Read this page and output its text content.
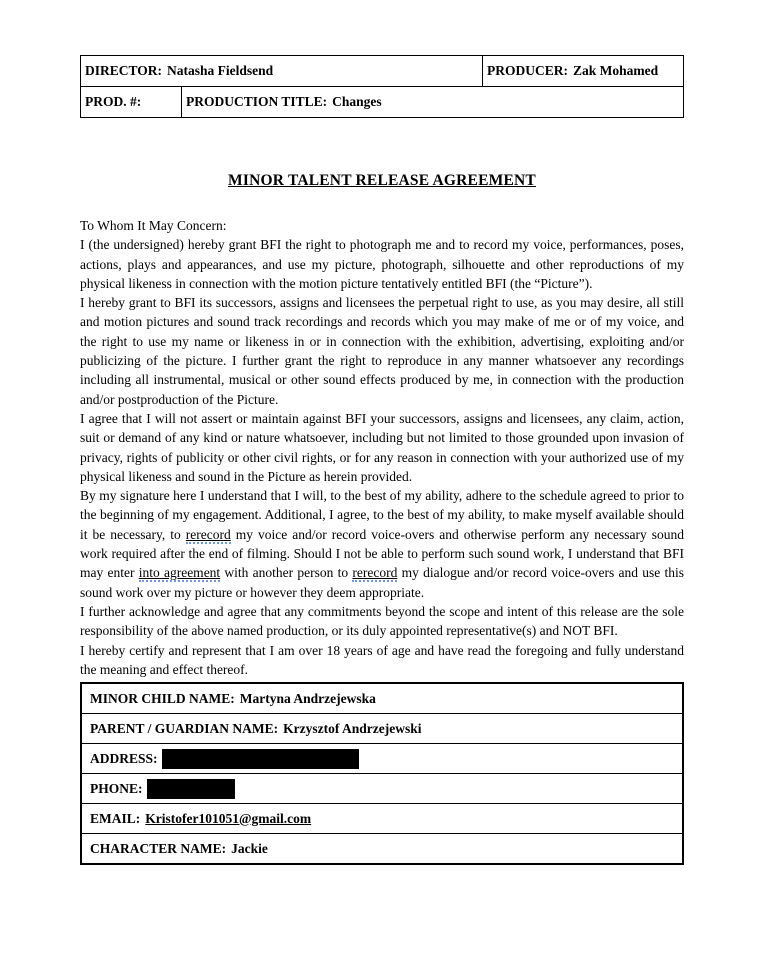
DIRECTOR: Natasha Fieldsend	PRODUCER: Zak Mohamed
PROD. #:	PRODUCTION TITLE: Changes
MINOR TALENT RELEASE AGREEMENT

To Whom It May Concern:

I (the undersigned) hereby grant BFI the right to photograph me and to record my voice, performances, poses, actions, plays and appearances, and use my picture, photograph, silhouette and other reproductions of my physical likeness in connection with the motion picture tentatively entitled BFI (the “Picture”).

I hereby grant to BFI its successors, assigns and licensees the perpetual right to use, as you may desire, all still and motion pictures and sound track recordings and records which you may make of me or of my voice, and the right to use my name or likeness in or in connection with the exhibition, advertising, exploiting and/or publicizing of the picture. I further grant the right to reproduce in any manner whatsoever any recordings including all instrumental, musical or other sound effects produced by me, in connection with the production and/or postproduction of the Picture.

I agree that I will not assert or maintain against BFI your successors, assigns and licensees, any claim, action, suit or demand of any kind or nature whatsoever, including but not limited to those grounded upon invasion of privacy, rights of publicity or other civil rights, or for any reason in connection with your authorized use of my physical likeness and sound in the Picture as herein provided.

By my signature here I understand that I will, to the best of my ability, adhere to the schedule agreed to prior to the beginning of my engagement. Additional, I agree, to the best of my ability, to make myself available should it be necessary, to rerecord my voice and/or record voice-overs and otherwise perform any necessary sound work required after the end of filming. Should I not be able to perform such sound work, I understand that BFI may enter into agreement with another person to rerecord my dialogue and/or record voice-overs and use this sound work over my picture or however they deem appropriate.

I further acknowledge and agree that any commitments beyond the scope and intent of this release are the sole responsibility of the above named production, or its duly appointed representative(s) and NOT BFI.

I hereby certify and represent that I am over 18 years of age and have read the foregoing and fully understand the meaning and effect thereof.

MINOR CHILD NAME: Martyna Andrzejewska
PARENT / GUARDIAN NAME: Krzysztof Andrzejewski
ADDRESS:
PHONE:
EMAIL: Kristofer101051@gmail.com
CHARACTER NAME: Jackie
